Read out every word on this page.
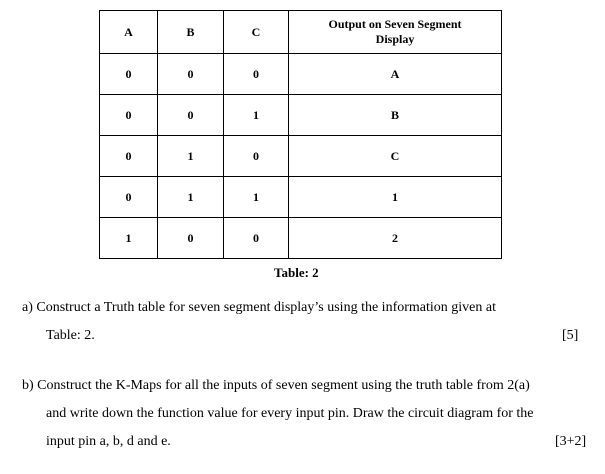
A	B	C	Output on Seven Segment
Display
0	0	0	A
0	0	1	B
0	1	0	C
0	1	1	1
1	0	0	2
Table: 2
a) Construct a Truth table for seven segment display’s using the information given at
Table: 2.	[5]
b) Construct the K-Maps for all the inputs of seven segment using the truth table from 2(a)
and write down the function value for every input pin. Draw the circuit diagram for the
input pin a, b, d and e.	[3+2]
